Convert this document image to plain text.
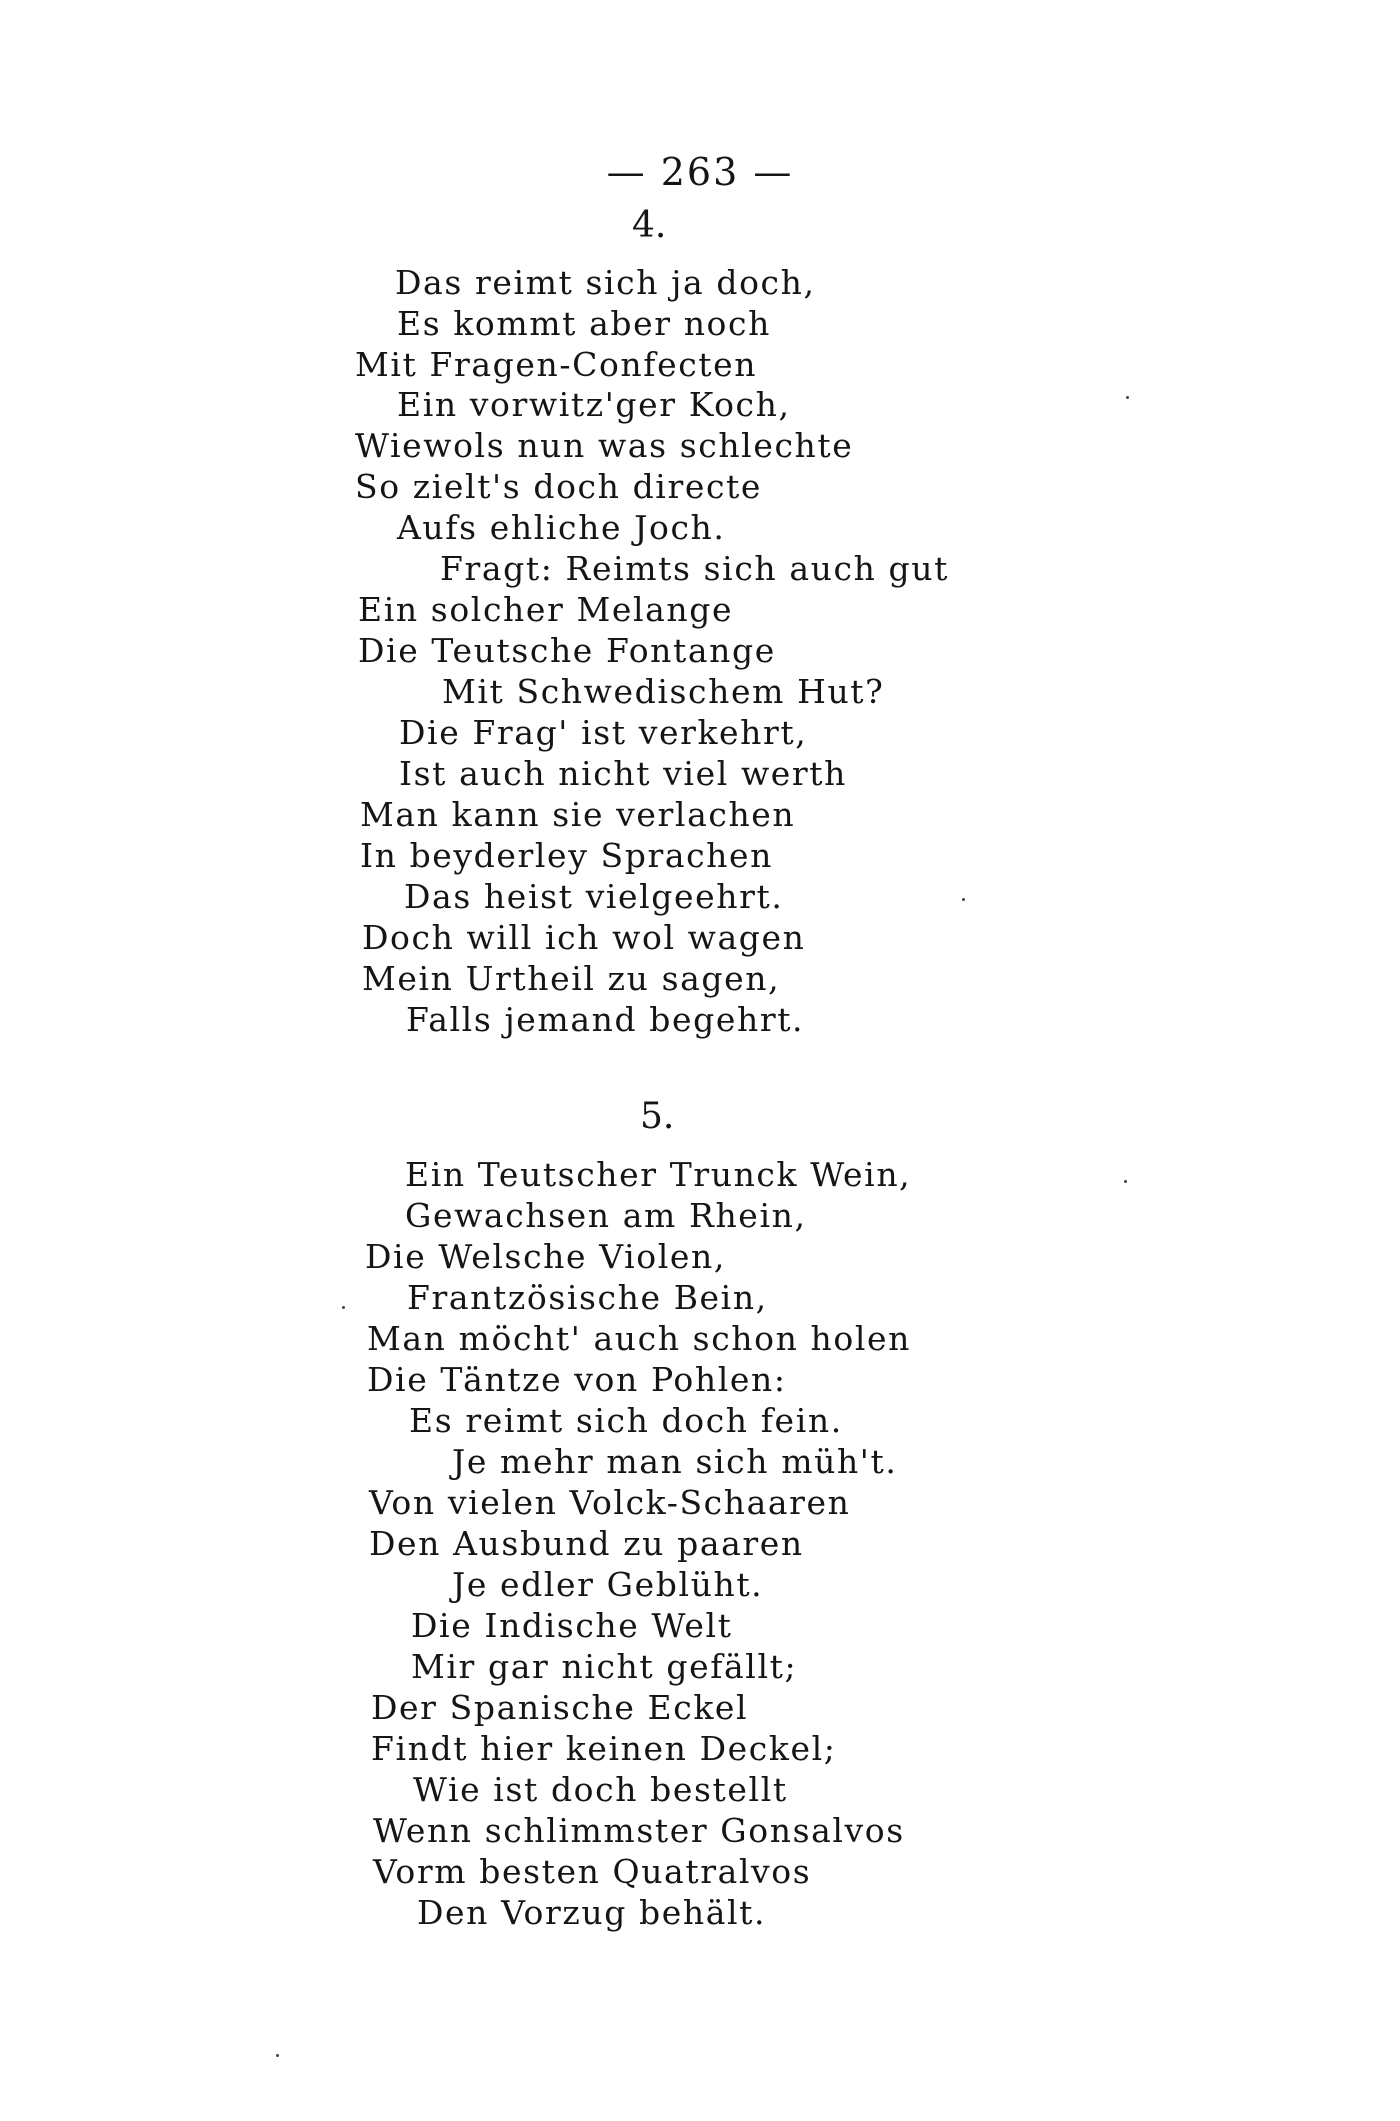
— 263 —
4.

Das reimt sich ja doch,

Es kommt aber noch

Mit Fragen-Confecten

Ein vorwitz'ger Koch,

Wiewols nun was schlechte

So zielt's doch directe

Aufs ehliche Joch.

Fragt: Reimts sich auch gut

Ein solcher Melange

Die Teutsche Fontange

Mit Schwedischem Hut?

Die Frag' ist verkehrt,

Ist auch nicht viel werth

Man kann sie verlachen

In beyderley Sprachen

Das heist vielgeehrt.

Doch will ich wol wagen

Mein Urtheil zu sagen,

Falls jemand begehrt.

5.

Ein Teutscher Trunck Wein,

Gewachsen am Rhein,

Die Welsche Violen,

Frantzösische Bein,

Man möcht' auch schon holen

Die Täntze von Pohlen:

Es reimt sich doch fein.

Je mehr man sich müh't.

Von vielen Volck-Schaaren

Den Ausbund zu paaren

Je edler Geblüht.

Die Indische Welt

Mir gar nicht gefällt;

Der Spanische Eckel

Findt hier keinen Deckel;

Wie ist doch bestellt

Wenn schlimmster Gonsalvos

Vorm besten Quatralvos

Den Vorzug behält.
